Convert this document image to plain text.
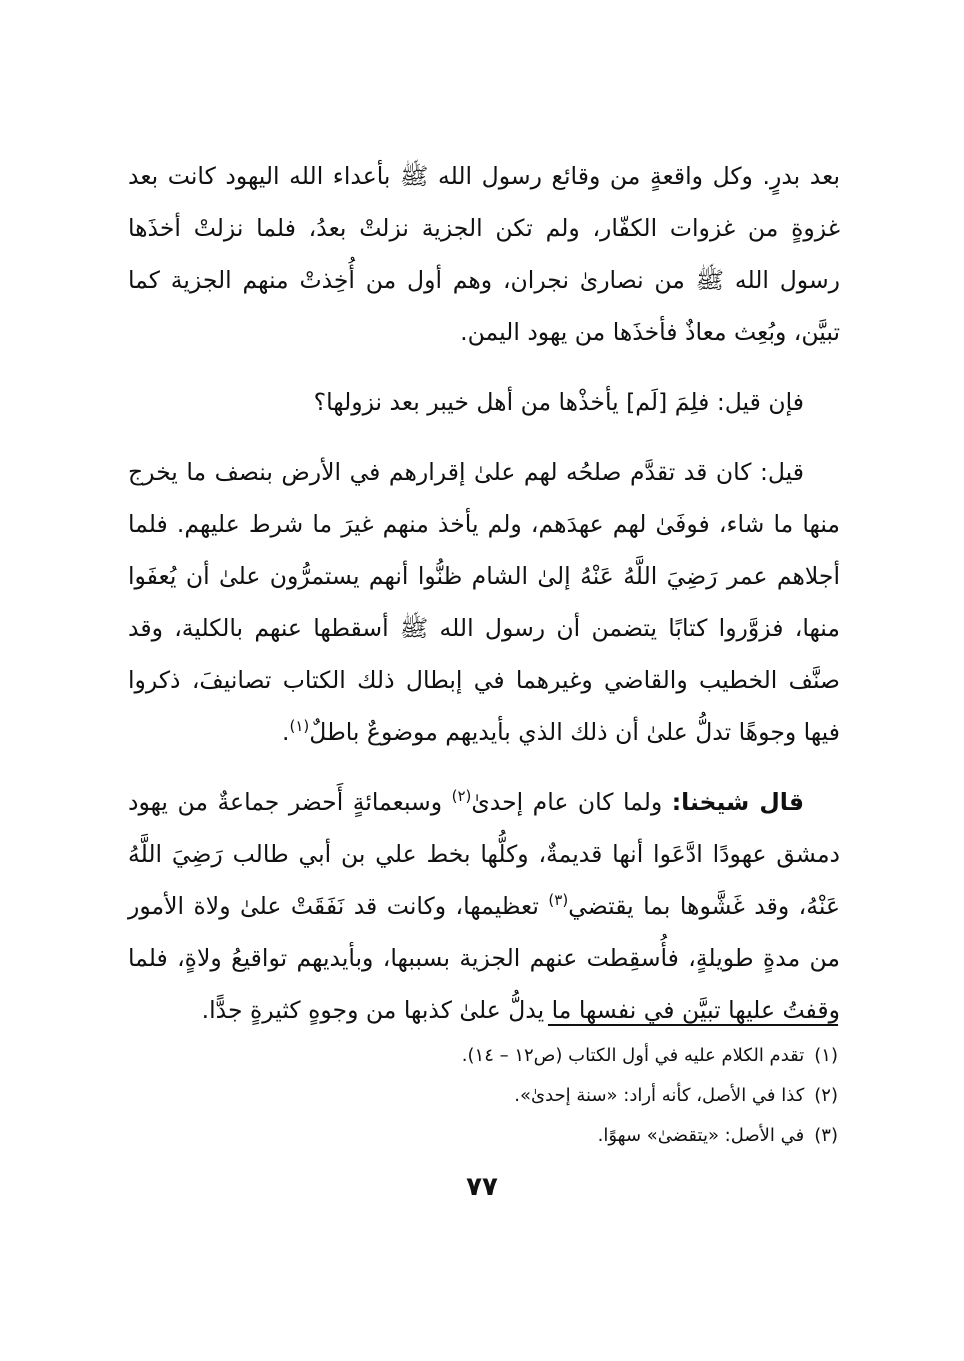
بعد بدرٍ. وكل واقعةٍ من وقائع رسول الله ﷺ بأعداء الله اليهود كانت بعد غزوةٍ من غزوات الكفّار، ولم تكن الجزية نزلتْ بعدُ، فلما نزلتْ أخذَها رسول الله ﷺ من نصارىٰ نجران، وهم أول من أُخِذتْ منهم الجزية كما تبيَّن، وبُعِث معاذٌ فأخذَها من يهود اليمن.

فإن قيل: فلِمَ [لَم] يأخذْها من أهل خيبر بعد نزولها؟

قيل: كان قد تقدَّم صلحُه لهم علىٰ إقرارهم في الأرض بنصف ما يخرج منها ما شاء، فوفَىٰ لهم عهدَهم، ولم يأخذ منهم غيرَ ما شرط عليهم. فلما أجلاهم عمر رَضِيَ اللَّهُ عَنْهُ إلىٰ الشام ظنُّوا أنهم يستمرُّون علىٰ أن يُعفَوا منها، فزوَّروا كتابًا يتضمن أن رسول الله ﷺ أسقطها عنهم بالكلية، وقد صنَّف الخطيب والقاضي وغيرهما في إبطال ذلك الكتاب تصانيفَ، ذكروا فيها وجوهًا تدلُّ علىٰ أن ذلك الذي بأيديهم موضوعٌ باطلٌ$^{(١)}$.

قال شيخنا: ولما كان عام إحدىٰ$^{(٢)}$ وسبعمائةٍ أَحضر جماعةٌ من يهود دمشق عهودًا ادَّعَوا أنها قديمةٌ، وكلُّها بخط علي بن أبي طالب رَضِيَ اللَّهُ عَنْهُ، وقد غَشَّوها بما يقتضي$^{(٣)}$ تعظيمها، وكانت قد نَفَقَتْ علىٰ ولاة الأمور من مدةٍ طويلةٍ، فأُسقِطت عنهم الجزية بسببها، وبأيديهم تواقيعُ ولاةٍ، فلما وقفتُ عليها تبيَّن في نفسها ما يدلُّ علىٰ كذبها من وجوهٍ كثيرةٍ جدًّا.

(١)تقدم الكلام عليه في أول الكتاب (ص١٢ – ١٤).
(٢)كذا في الأصل، كأنه أراد: «سنة إحدىٰ».
(٣)في الأصل: «يتقضىٰ» سهوًا.
٧٧
